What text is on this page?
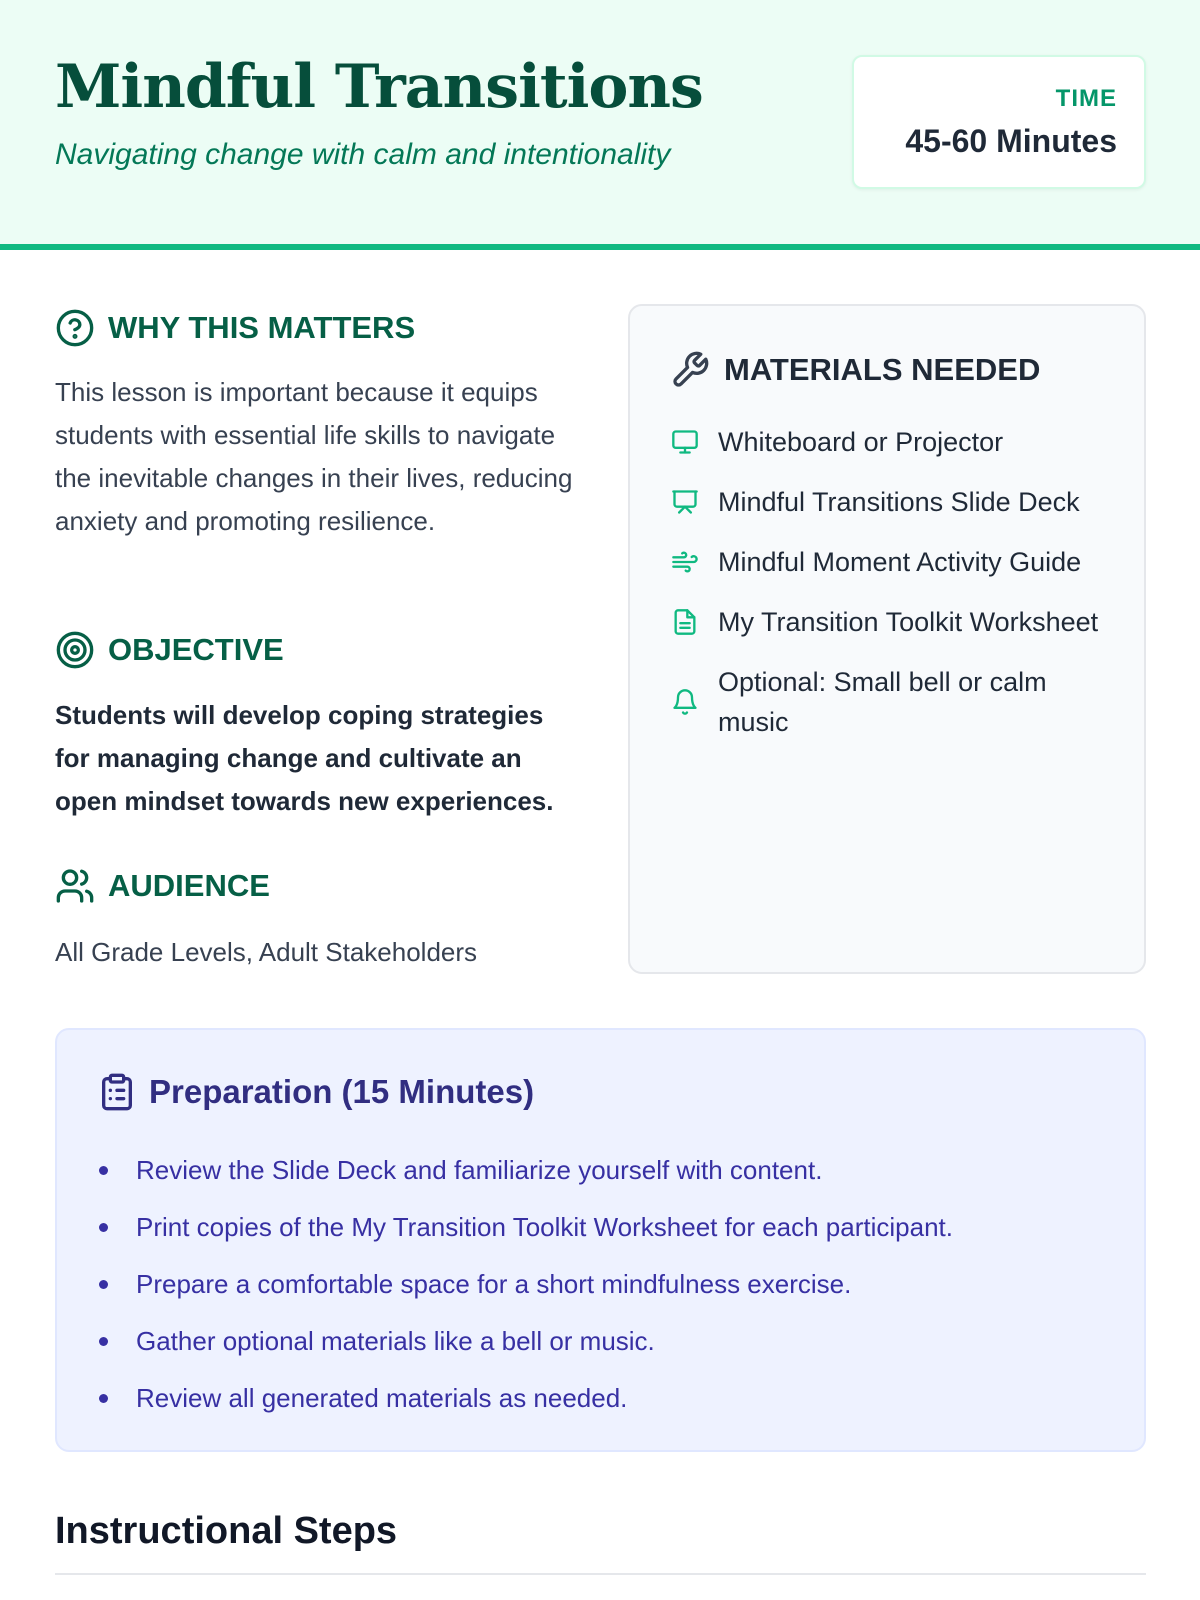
Mindful Transitions
Navigating change with calm and intentionality
TIME
45-60 Minutes
WHY THIS MATTERS
This lesson is important because it equips students with essential life skills to navigate the inevitable changes in their lives, reducing anxiety and promoting resilience.
OBJECTIVE
Students will develop coping strategies for managing change and cultivate an open mindset towards new experiences.
AUDIENCE
All Grade Levels, Adult Stakeholders
MATERIALS NEEDED
Whiteboard or Projector
Mindful Transitions Slide Deck
Mindful Moment Activity Guide
My Transition Toolkit Worksheet
Optional: Small bell or calm music
Preparation (15 Minutes)
Review the Slide Deck and familiarize yourself with content.
Print copies of the My Transition Toolkit Worksheet for each participant.
Prepare a comfortable space for a short mindfulness exercise.
Gather optional materials like a bell or music.
Review all generated materials as needed.
Instructional Steps
